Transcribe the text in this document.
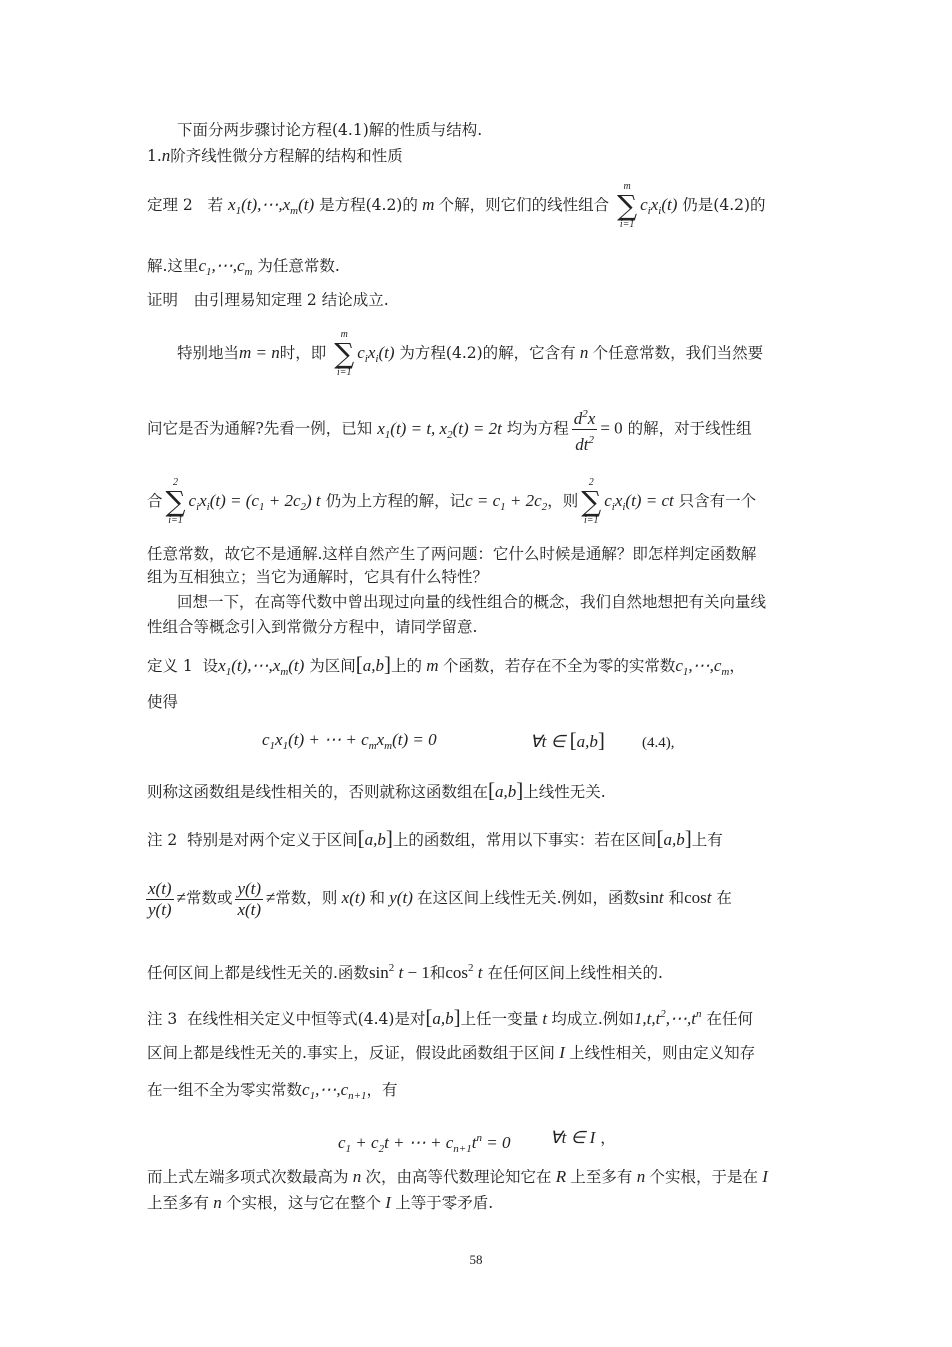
下面分两步骤讨论方程(4.1)解的性质与结构.
1.n阶齐线性微分方程解的结构和性质
定理 2 若 $x_1(t),\cdots,x_m(t)$ 是方程(4.2)的 m 个解，则它们的线性组合
m
∑
i=1
$c_ix_i(t)$ 仍是(4.2)的
解.这里$c_1,\cdots,c_m$ 为任意常数.
证明　由引理易知定理 2 结论成立.
特别地当m = n时，即
m
∑
i=1
$c_ix_i(t)$ 为方程(4.2)的解，它含有 n 个任意常数，我们当然要
问它是否为通解?先看一例，已知 $x_1(t) = t$, $x_2(t) = 2t$ 均为方程 $\frac{d^2x}{dt^2} = 0$ 的解，对于线性组
合
2
∑
i=1
$c_ix_i(t) = (c_1 + 2c_2)$ t 仍为上方程的解，记$c = c_1 + 2c_2$，则
2
∑
i=1
$c_ix_i(t)$ = ct 只含有一个
任意常数，故它不是通解.这样自然产生了两问题：它什么时候是通解？即怎样判定函数解
组为互相独立；当它为通解时，它具有什么特性？
回想一下，在高等代数中曾出现过向量的线性组合的概念，我们自然地想把有关向量线
性组合等概念引入到常微分方程中，请同学留意.
定义 1 设$x_1(t),\cdots,x_m(t)$ 为区间[a,b]上的 m 个函数，若存在不全为零的实常数$c_1,\cdots,c_m$，
使得
$c_1x_1(t)$ + ⋯ + $c_mx_m(t) = 0$	∀t ∈ [a,b] (4.4),
则称这函数组是线性相关的，否则就称这函数组在[a,b]上线性无关.
注 2 特别是对两个定义于区间[a,b]上的函数组，常用以下事实：若在区间[a,b]上有
$\frac{x(t)}{y(t)}$ ≠常数或 $\frac{y(t)}{x(t)}$ ≠常数，则 x(t) 和 y(t) 在这区间上线性无关.例如，函数sint 和cost 在
任何区间上都是线性无关的.函数$\sin^2 t - 1$和$\cos^2 t$ 在任何区间上线性相关的.
注 3 在线性相关定义中恒等式(4.4)是对[a,b]上任一变量 t 均成立.例如$1,t,t^2,\cdots,t^n$ 在任何
区间上都是线性无关的.事实上，反证，假设此函数组于区间 I 上线性相关，则由定义知存
在一组不全为零实常数$c_1,\cdots,c_{n+1}$，有
$c_1 + c_2t$ + ⋯ + $c_{n+1}t^n = 0$ ∀t ∈ I ，
而上式左端多项式次数最高为 n 次，由高等代数理论知它在 R 上至多有 n 个实根，于是在 I
上至多有 n 个实根，这与它在整个 I 上等于零矛盾.
58
